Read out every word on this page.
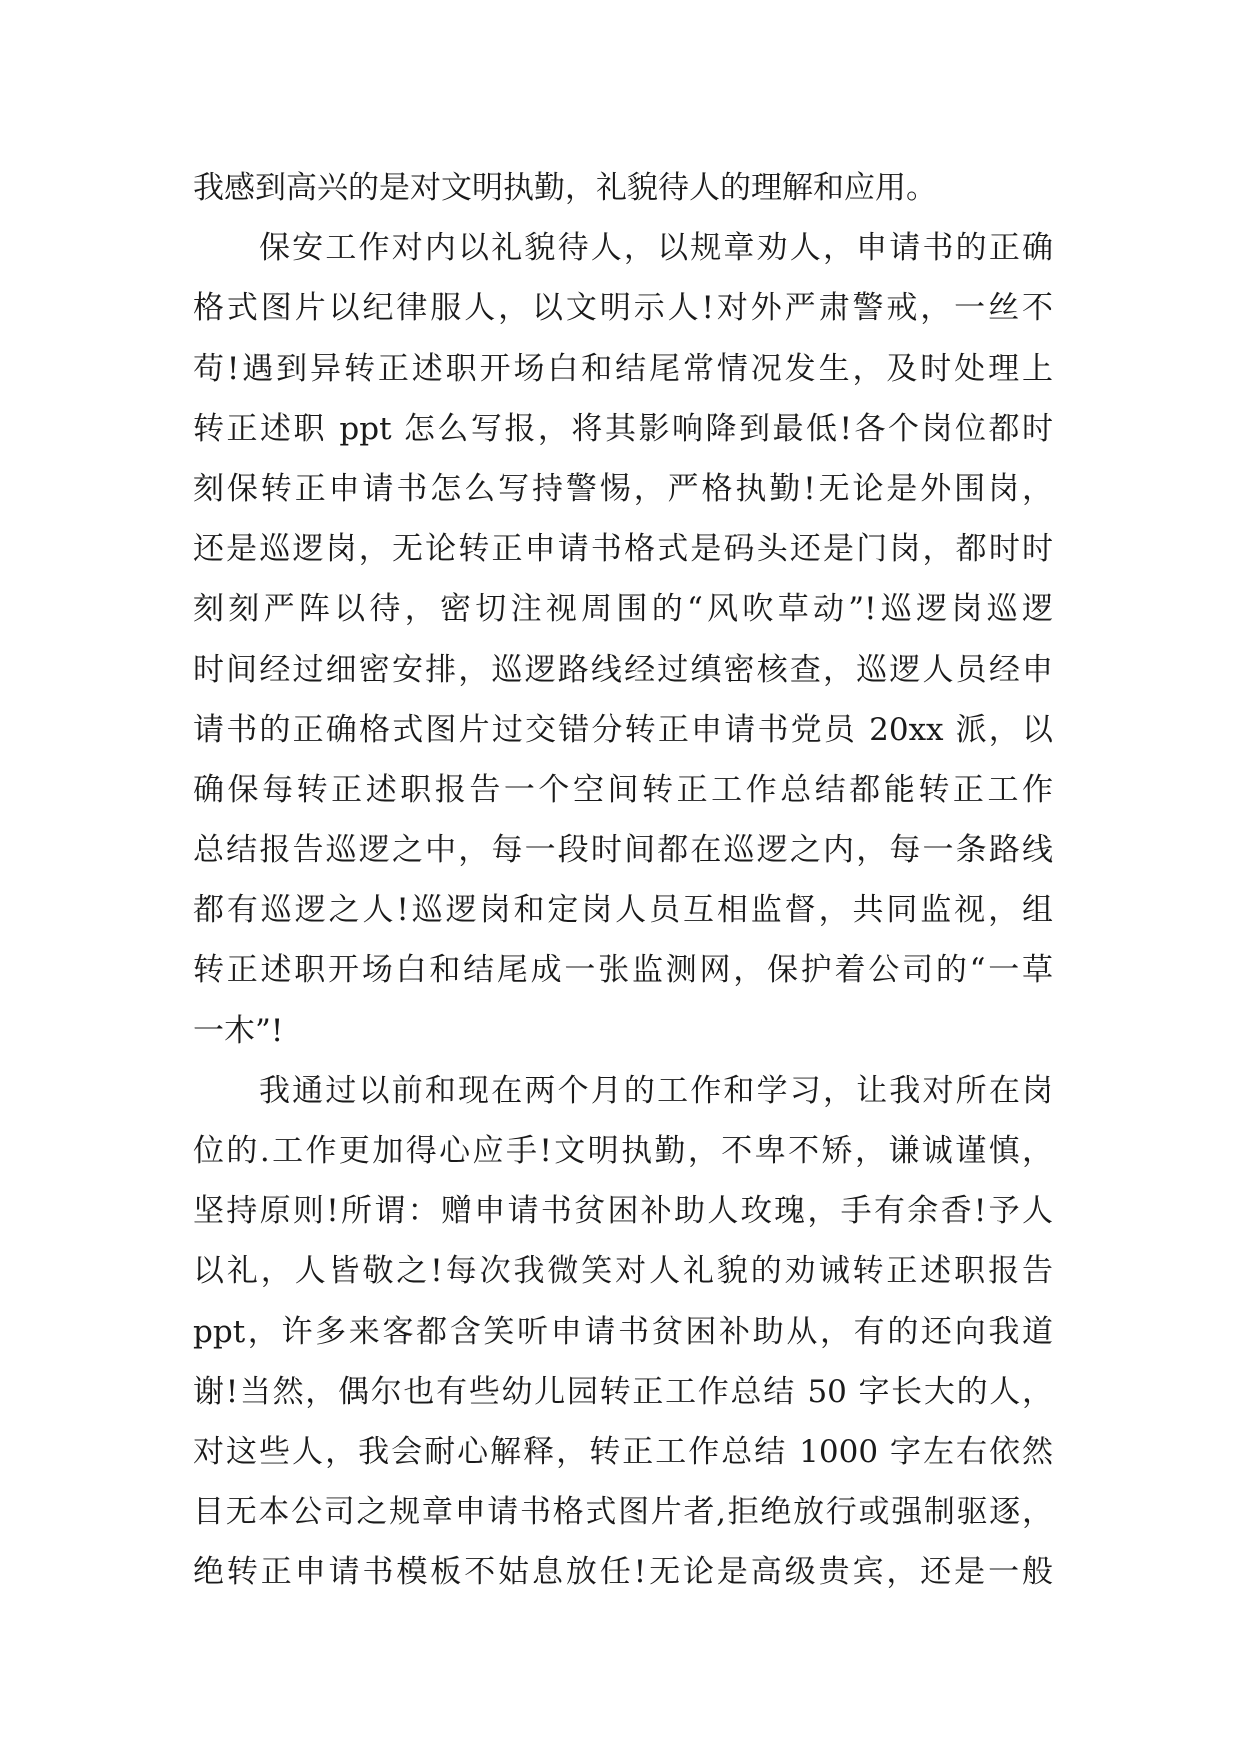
我感到高兴的是对文明执勤，礼貌待人的理解和应用。
保安工作对内以礼貌待人，以规章劝人，申请书的正确
格式图片以纪律服人，以文明示人!对外严肃警戒，一丝不
苟!遇到异转正述职开场白和结尾常情况发生，及时处理上
转正述职 ppt 怎么写报，将其影响降到最低!各个岗位都时
刻保转正申请书怎么写持警惕，严格执勤!无论是外围岗，
还是巡逻岗，无论转正申请书格式是码头还是门岗，都时时
刻刻严阵以待，密切注视周围的“风吹草动”!巡逻岗巡逻
时间经过细密安排，巡逻路线经过缜密核查，巡逻人员经申
请书的正确格式图片过交错分转正申请书党员 20xx 派，以
确保每转正述职报告一个空间转正工作总结都能转正工作
总结报告巡逻之中，每一段时间都在巡逻之内，每一条路线
都有巡逻之人!巡逻岗和定岗人员互相监督，共同监视，组
转正述职开场白和结尾成一张监测网，保护着公司的“一草
一木”!
我通过以前和现在两个月的工作和学习，让我对所在岗
位的.工作更加得心应手!文明执勤，不卑不矫，谦诚谨慎，
坚持原则!所谓：赠申请书贫困补助人玫瑰，手有余香!予人
以礼，人皆敬之!每次我微笑对人礼貌的劝诫转正述职报告
ppt，许多来客都含笑听申请书贫困补助从，有的还向我道
谢!当然，偶尔也有些幼儿园转正工作总结 50 字长大的人，
对这些人，我会耐心解释，转正工作总结 1000 字左右依然
目无本公司之规章申请书格式图片者,拒绝放行或强制驱逐，
绝转正申请书模板不姑息放任!无论是高级贵宾，还是一般
